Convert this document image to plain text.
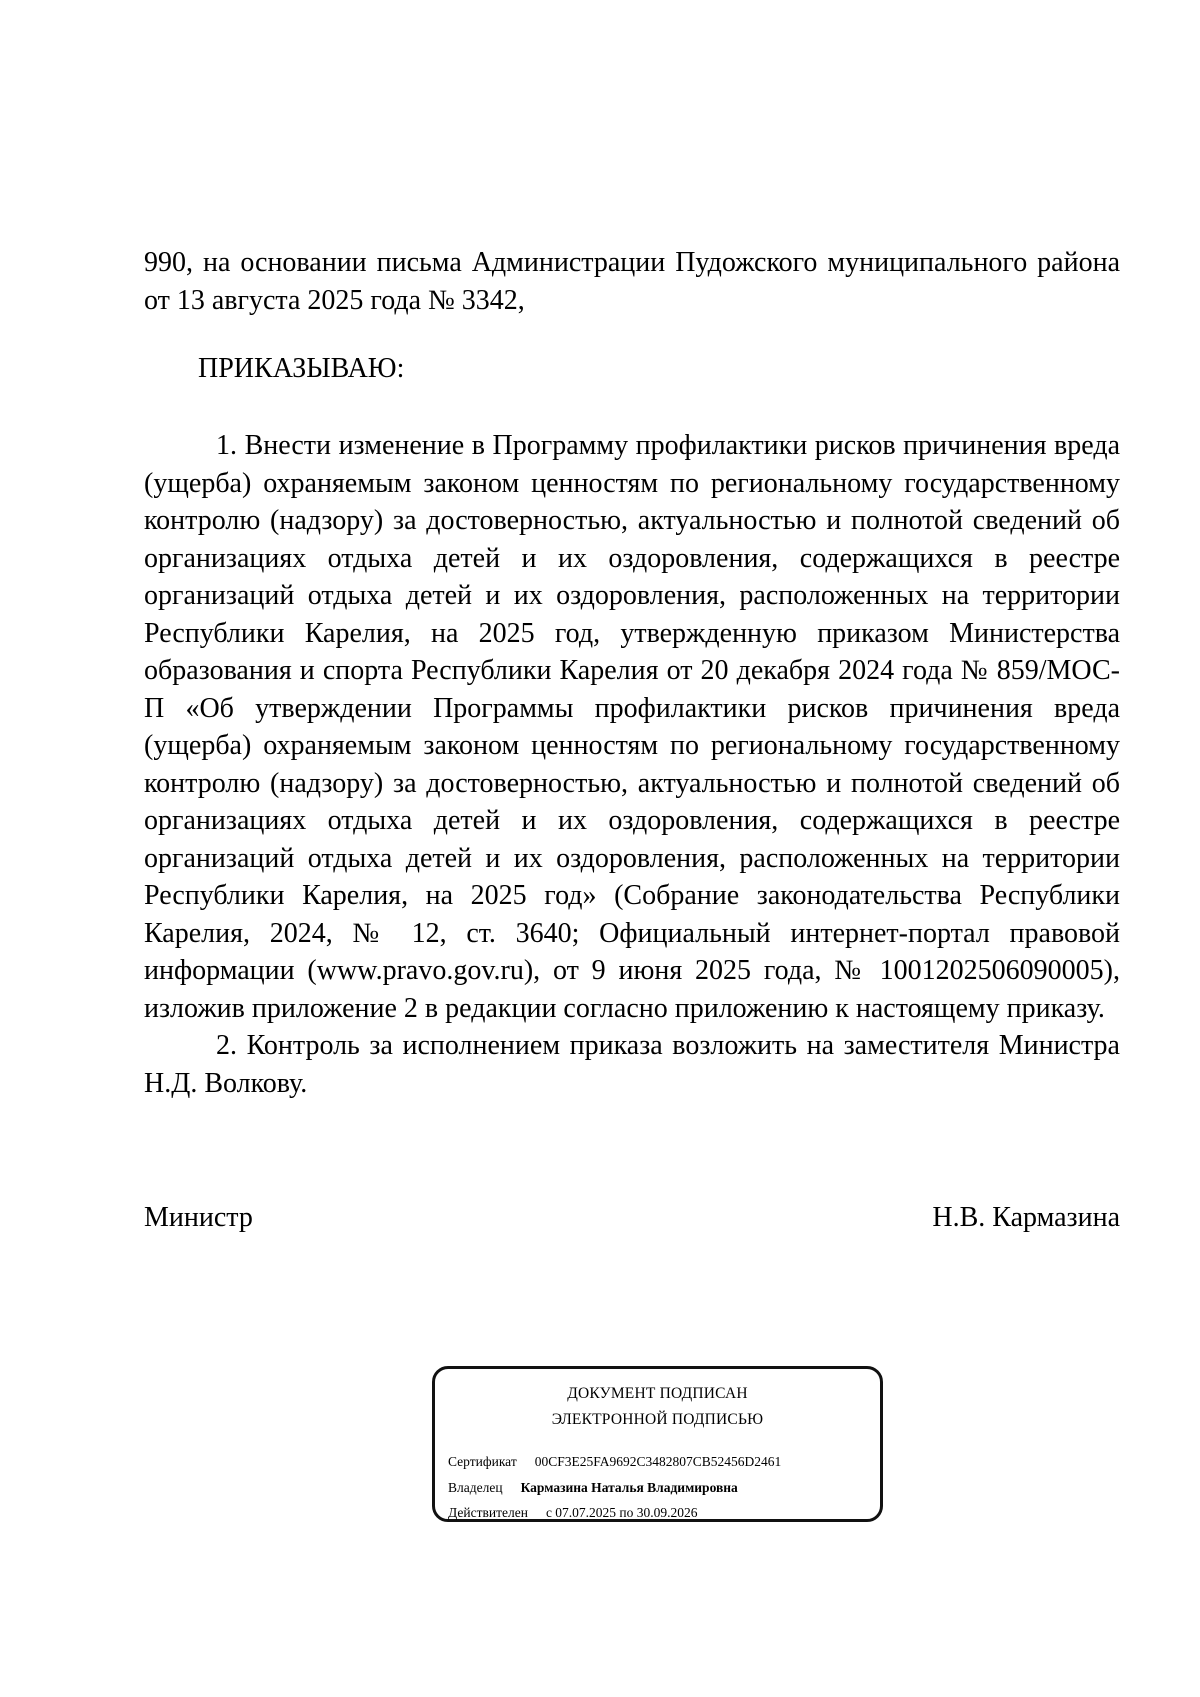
990, на основании письма Администрации Пудожского муниципального района от 13 августа 2025 года № 3342,

ПРИКАЗЫВАЮ:

1. Внести изменение в Программу профилактики рисков причинения вреда (ущерба) охраняемым законом ценностям по региональному государственному контролю (надзору) за достоверностью, актуальностью и полнотой сведений об организациях отдыха детей и их оздоровления, содержащихся в реестре организаций отдыха детей и их оздоровления, расположенных на территории Республики Карелия, на 2025 год, утвержденную приказом Министерства образования и спорта Республики Карелия от 20 декабря 2024 года № 859/МОС-П «Об утверждении Программы профилактики рисков причинения вреда (ущерба) охраняемым законом ценностям по региональному государственному контролю (надзору) за достоверностью, актуальностью и полнотой сведений об организациях отдыха детей и их оздоровления, содержащихся в реестре организаций отдыха детей и их оздоровления, расположенных на территории Республики Карелия, на 2025 год» (Собрание законодательства Республики Карелия, 2024, № 12, ст. 3640; Официальный интернет-портал правовой информации (www.pravo.gov.ru), от 9 июня 2025 года, № 1001202506090005), изложив приложение 2 в редакции согласно приложению к настоящему приказу.

2. Контроль за исполнением приказа возложить на заместителя Министра Н.Д. Волкову.

Министр	Н.В. Кармазина
ДОКУМЕНТ ПОДПИСАН
ЭЛЕКТРОННОЙ ПОДПИСЬЮ
Сертификат 00CF3E25FA9692C3482807CB52456D2461
Владелец Кармазина Наталья Владимировна
Действителен с 07.07.2025 по 30.09.2026
